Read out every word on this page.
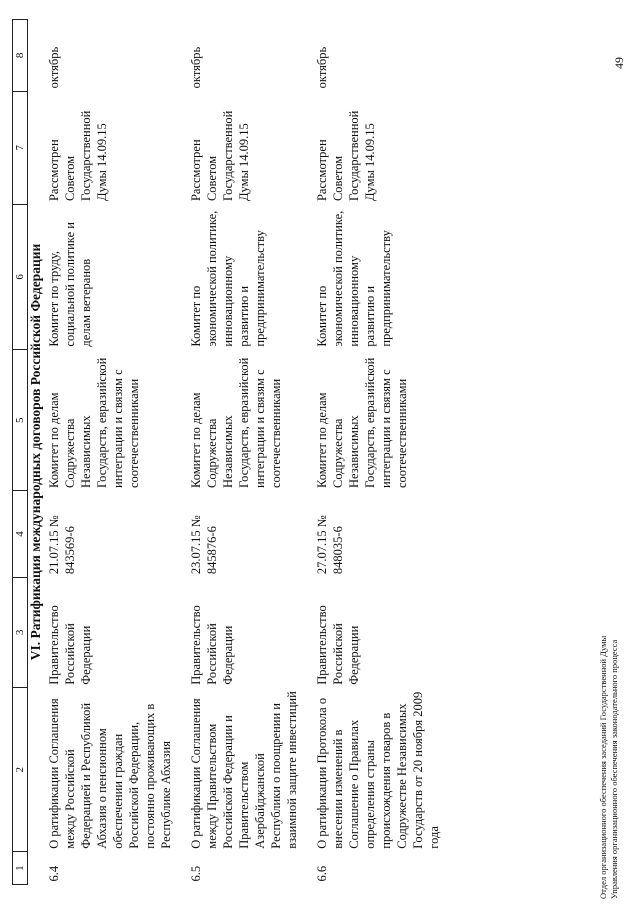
1	2	3	4	5	6	7	8
VI. Ратификация международных договоров Российской Федерации							
6.4	О ратификации Соглашения между Российской Федерацией и Республикой Абхазия о пенсионном обеспечении граждан Российской Федерации, постоянно проживающих в Республике Абхазия	Правительство Российской Федерации	21.07.15 № 843569-6	Комитет по делам Содружества Независимых Государств, евразийской интеграции и связям с соотечественниками	Комитет по труду, социальной политике и делам ветеранов	Рассмотрен Советом Государственной Думы 14.09.15	октябрь
6.5	О ратификации Соглашения между Правительством Российской Федерации и Правительством Азербайджанской Республики о поощрении и взаимной защите инвестиций	Правительство Российской Федерации	23.07.15 № 845876-6	Комитет по делам Содружества Независимых Государств, евразийской интеграции и связям с соотечественниками	Комитет по экономической политике, инновационному развитию и предпринимательству	Рассмотрен Советом Государственной Думы 14.09.15	октябрь
6.6	О ратификации Протокола о внесении изменений в Соглашение о Правилах определения страны происхождения товаров в Содружестве Независимых Государств от 20 ноября 2009 года	Правительство Российской Федерации	27.07.15 № 848035-6	Комитет по делам Содружества Независимых Государств, евразийской интеграции и связям с соотечественниками	Комитет по экономической политике, инновационному развитию и предпринимательству	Рассмотрен Советом Государственной Думы 14.09.15	октябрь	49
Отдел организационного обеспечения заседаний Государственной Думы Управления организационного обеспечения законодательного процесса
